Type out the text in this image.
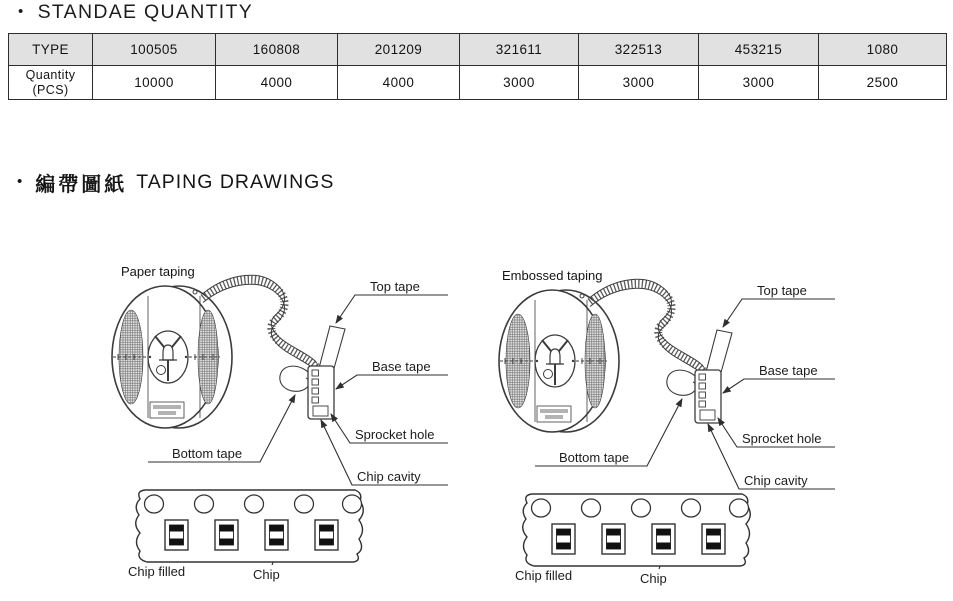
• STANDAE QUANTITY
TYPE	100505	160808	201209	321611	322513	453215	1080

Quantity
(PCS)	10000	4000	4000	3000	3000	3000	2500
• 編帶圖紙 TAPING DRAWINGS
Paper taping
Top tape
Base tape
Sprocket hole
Chip cavity
Bottom tape
Chip filled	Chip
Embossed taping
Top tape
Base tape
Sprocket hole
Chip cavity
Bottom tape
Chip filled	Chip
